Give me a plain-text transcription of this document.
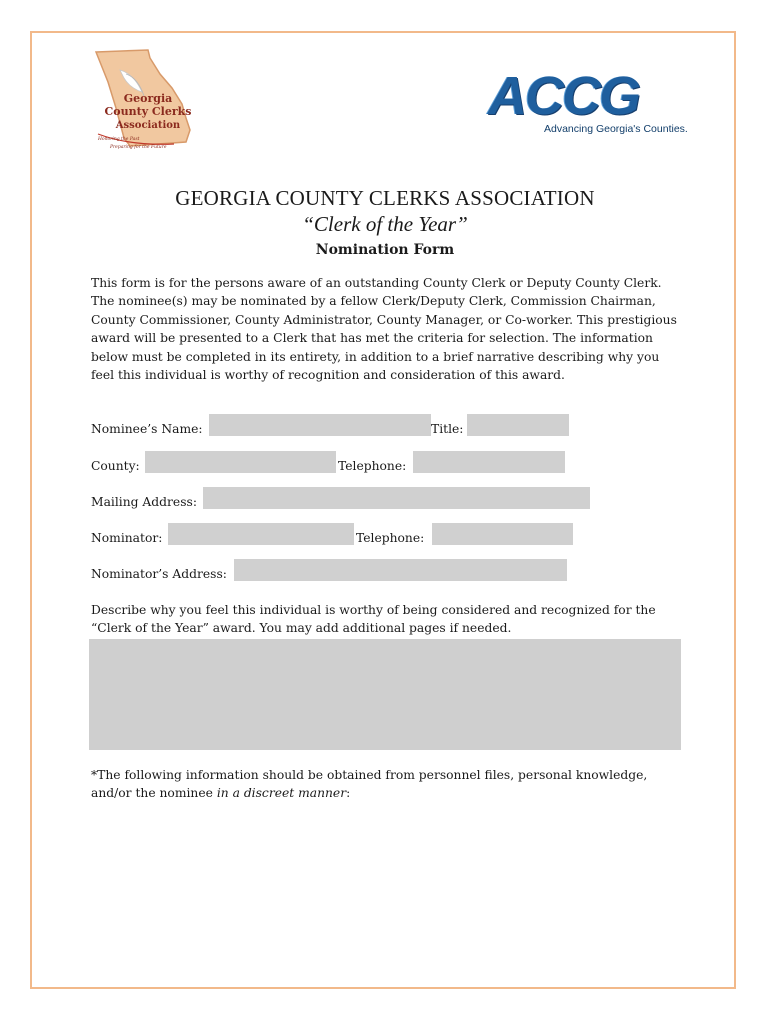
Georgia
County Clerks
Association
Honoring the Past
Preparing for the Future
ACCG
Advancing Georgia's Counties.
GEORGIA COUNTY CLERKS ASSOCIATION
“Clerk of the Year”
Nomination Form
This form is for the persons aware of an outstanding County Clerk or Deputy County Clerk. The nominee(s) may be nominated by a fellow Clerk/Deputy Clerk, Commission Chairman, County Commissioner, County Administrator, County Manager, or Co-worker. This prestigious award will be presented to a Clerk that has met the criteria for selection. The information below must be completed in its entirety, in addition to a brief narrative describing why you feel this individual is worthy of recognition and consideration of this award.
Nominee’s Name:	Title:
County:	Telephone:
Mailing Address:
Nominator:	Telephone:
Nominator’s Address:
Describe why you feel this individual is worthy of being considered and recognized for the “Clerk of the Year” award. You may add additional pages if needed.
*The following information should be obtained from personnel files, personal knowledge, and/or the nominee in a discreet manner:
